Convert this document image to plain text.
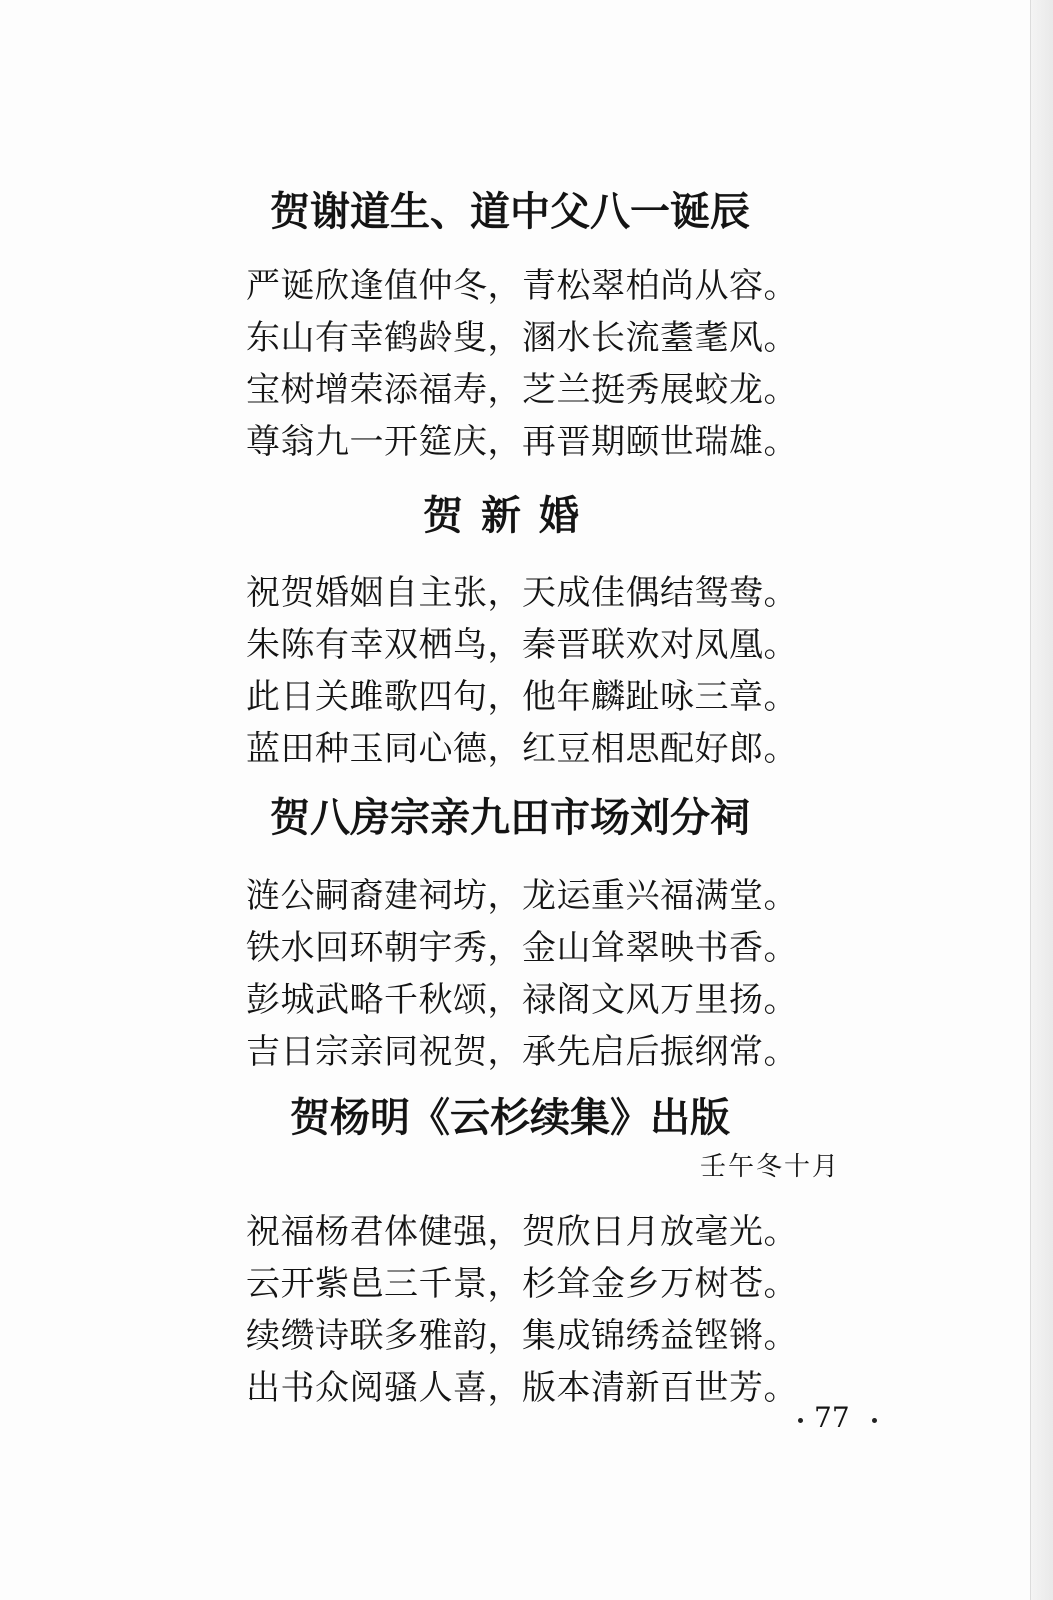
贺谢道生、道中父八一诞辰
严诞欣逢值仲冬，青松翠柏尚从容。
东山有幸鹤龄叟，溷水长流耋耄风。
宝树增荣添福寿，芝兰挺秀展蛟龙。
尊翁九一开筵庆，再晋期颐世瑞雄。
贺新婚
祝贺婚姻自主张，天成佳偶结鸳鸯。
朱陈有幸双栖鸟，秦晋联欢对凤凰。
此日关雎歌四句，他年麟趾咏三章。
蓝田种玉同心德，红豆相思配好郎。
贺八房宗亲九田市场刘分祠
涟公嗣裔建祠坊，龙运重兴福满堂。
铁水回环朝宇秀，金山耸翠映书香。
彭城武略千秋颂，禄阁文风万里扬。
吉日宗亲同祝贺，承先启后振纲常。
贺杨明《云杉续集》出版
壬午冬十月
祝福杨君体健强，贺欣日月放毫光。
云开紫邑三千景，杉耸金乡万树苍。
续缵诗联多雅韵，集成锦绣益铿锵。
出书众阅骚人喜，版本清新百世芳。
77
